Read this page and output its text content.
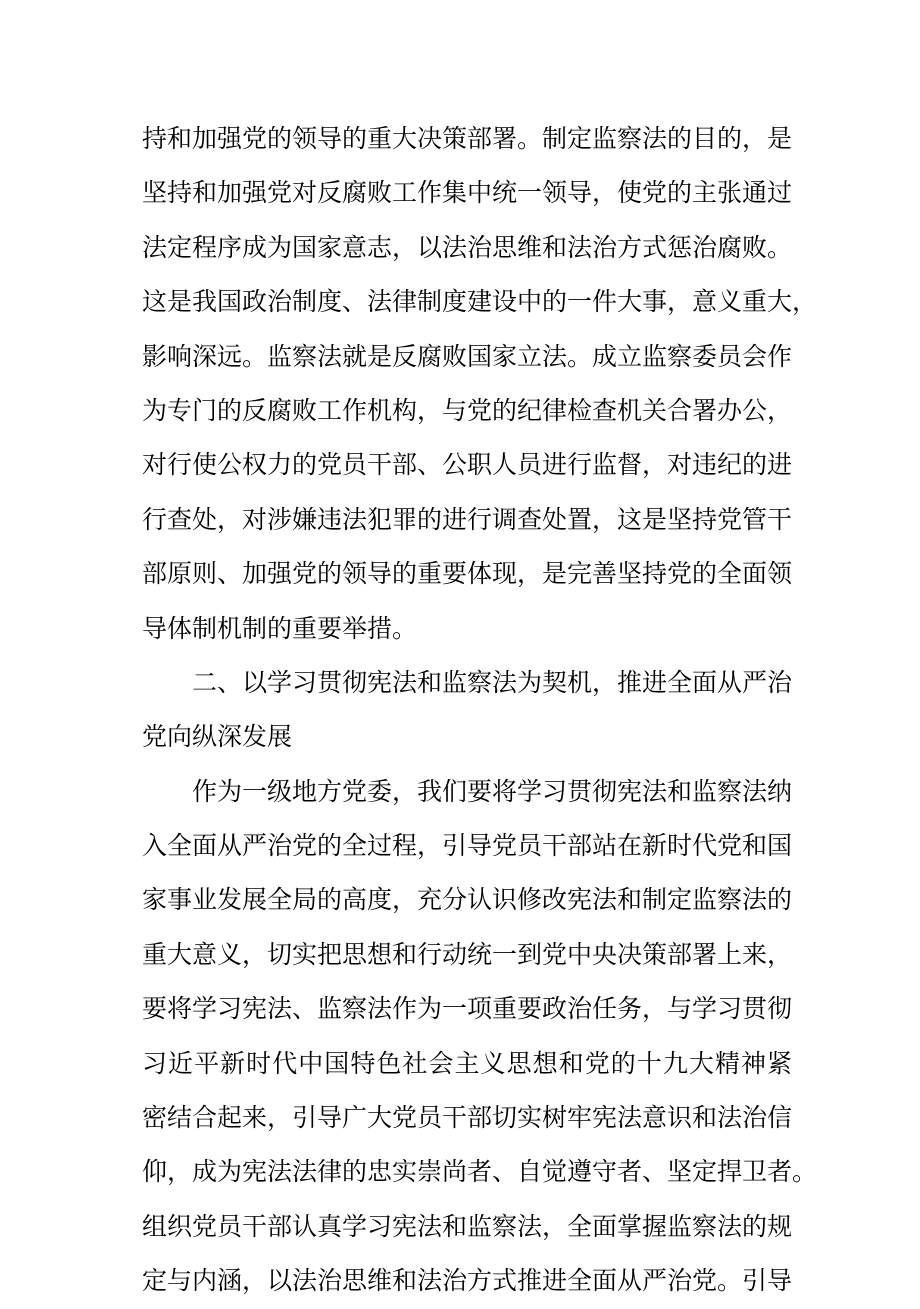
持和加强党的领导的重大决策部署。制定监察法的目的，是
坚持和加强党对反腐败工作集中统一领导，使党的主张通过
法定程序成为国家意志，以法治思维和法治方式惩治腐败。
这是我国政治制度、法律制度建设中的一件大事，意义重大，
影响深远。监察法就是反腐败国家立法。成立监察委员会作
为专门的反腐败工作机构，与党的纪律检查机关合署办公，
对行使公权力的党员干部、公职人员进行监督，对违纪的进
行查处，对涉嫌违法犯罪的进行调查处置，这是坚持党管干
部原则、加强党的领导的重要体现，是完善坚持党的全面领
导体制机制的重要举措。
二、以学习贯彻宪法和监察法为契机，推进全面从严治
党向纵深发展
作为一级地方党委，我们要将学习贯彻宪法和监察法纳
入全面从严治党的全过程，引导党员干部站在新时代党和国
家事业发展全局的高度，充分认识修改宪法和制定监察法的
重大意义，切实把思想和行动统一到党中央决策部署上来，
要将学习宪法、监察法作为一项重要政治任务，与学习贯彻
习近平新时代中国特色社会主义思想和党的十九大精神紧
密结合起来，引导广大党员干部切实树牢宪法意识和法治信
仰，成为宪法法律的忠实崇尚者、自觉遵守者、坚定捍卫者。
组织党员干部认真学习宪法和监察法，全面掌握监察法的规
定与内涵，以法治思维和法治方式推进全面从严治党。引导
